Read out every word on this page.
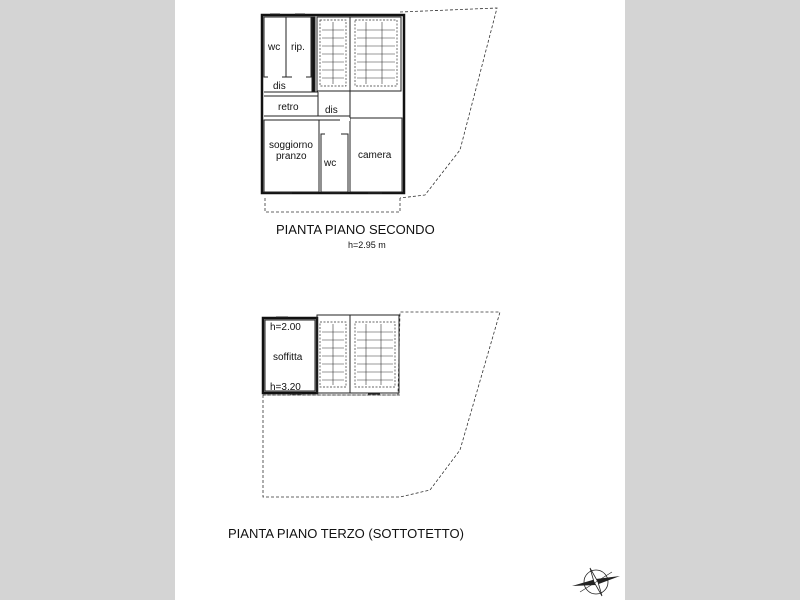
wc rip.
dis
retro	dis
soggiorno
pranzo
wc
camera
PIANTA PIANO SECONDO
h=2.95 m
h=2.00
soffitta
h=3.20
PIANTA PIANO TERZO (SOTTOTETTO)
